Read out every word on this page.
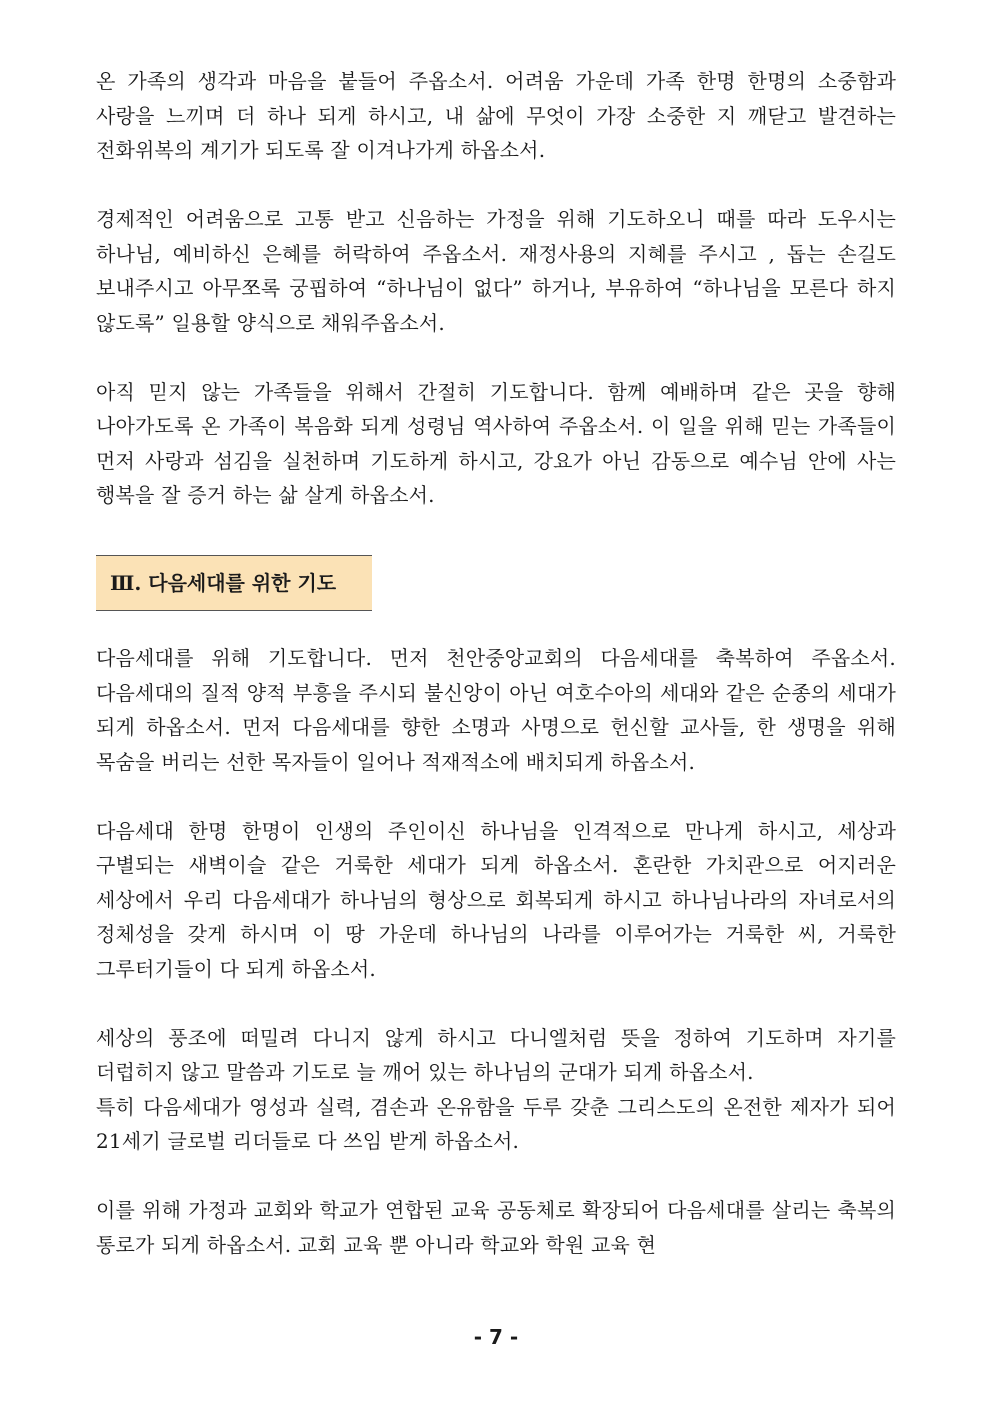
온 가족의 생각과 마음을 붙들어 주옵소서. 어려움 가운데 가족 한명 한명의 소중함과 사랑을 느끼며 더 하나 되게 하시고, 내 삶에 무엇이 가장 소중한 지 깨닫고 발견하는 전화위복의 계기가 되도록 잘 이겨나가게 하옵소서.

경제적인 어려움으로 고통 받고 신음하는 가정을 위해 기도하오니 때를 따라 도우시는 하나님, 예비하신 은혜를 허락하여 주옵소서. 재정사용의 지혜를 주시고 , 돕는 손길도 보내주시고 아무쪼록 궁핍하여 “하나님이 없다” 하거나, 부유하여 “하나님을 모른다 하지 않도록” 일용할 양식으로 채워주옵소서.

아직 믿지 않는 가족들을 위해서 간절히 기도합니다. 함께 예배하며 같은 곳을 향해 나아가도록 온 가족이 복음화 되게 성령님 역사하여 주옵소서. 이 일을 위해 믿는 가족들이 먼저 사랑과 섬김을 실천하며 기도하게 하시고, 강요가 아닌 감동으로 예수님 안에 사는 행복을 잘 증거 하는 삶 살게 하옵소서.

Ⅲ. 다음세대를 위한 기도

다음세대를 위해 기도합니다. 먼저 천안중앙교회의 다음세대를 축복하여 주옵소서. 다음세대의 질적 양적 부흥을 주시되 불신앙이 아닌 여호수아의 세대와 같은 순종의 세대가 되게 하옵소서. 먼저 다음세대를 향한 소명과 사명으로 헌신할 교사들, 한 생명을 위해 목숨을 버리는 선한 목자들이 일어나 적재적소에 배치되게 하옵소서.

다음세대 한명 한명이 인생의 주인이신 하나님을 인격적으로 만나게 하시고, 세상과 구별되는 새벽이슬 같은 거룩한 세대가 되게 하옵소서. 혼란한 가치관으로 어지러운 세상에서 우리 다음세대가 하나님의 형상으로 회복되게 하시고 하나님나라의 자녀로서의 정체성을 갖게 하시며 이 땅 가운데 하나님의 나라를 이루어가는 거룩한 씨, 거룩한 그루터기들이 다 되게 하옵소서.

세상의 풍조에 떠밀려 다니지 않게 하시고 다니엘처럼 뜻을 정하여 기도하며 자기를 더럽히지 않고 말씀과 기도로 늘 깨어 있는 하나님의 군대가 되게 하옵소서.

특히 다음세대가 영성과 실력, 겸손과 온유함을 두루 갖춘 그리스도의 온전한 제자가 되어 21세기 글로벌 리더들로 다 쓰임 받게 하옵소서.

이를 위해 가정과 교회와 학교가 연합된 교육 공동체로 확장되어 다음세대를 살리는 축복의 통로가 되게 하옵소서. 교회 교육 뿐 아니라 학교와 학원 교육 현

- 7 -
